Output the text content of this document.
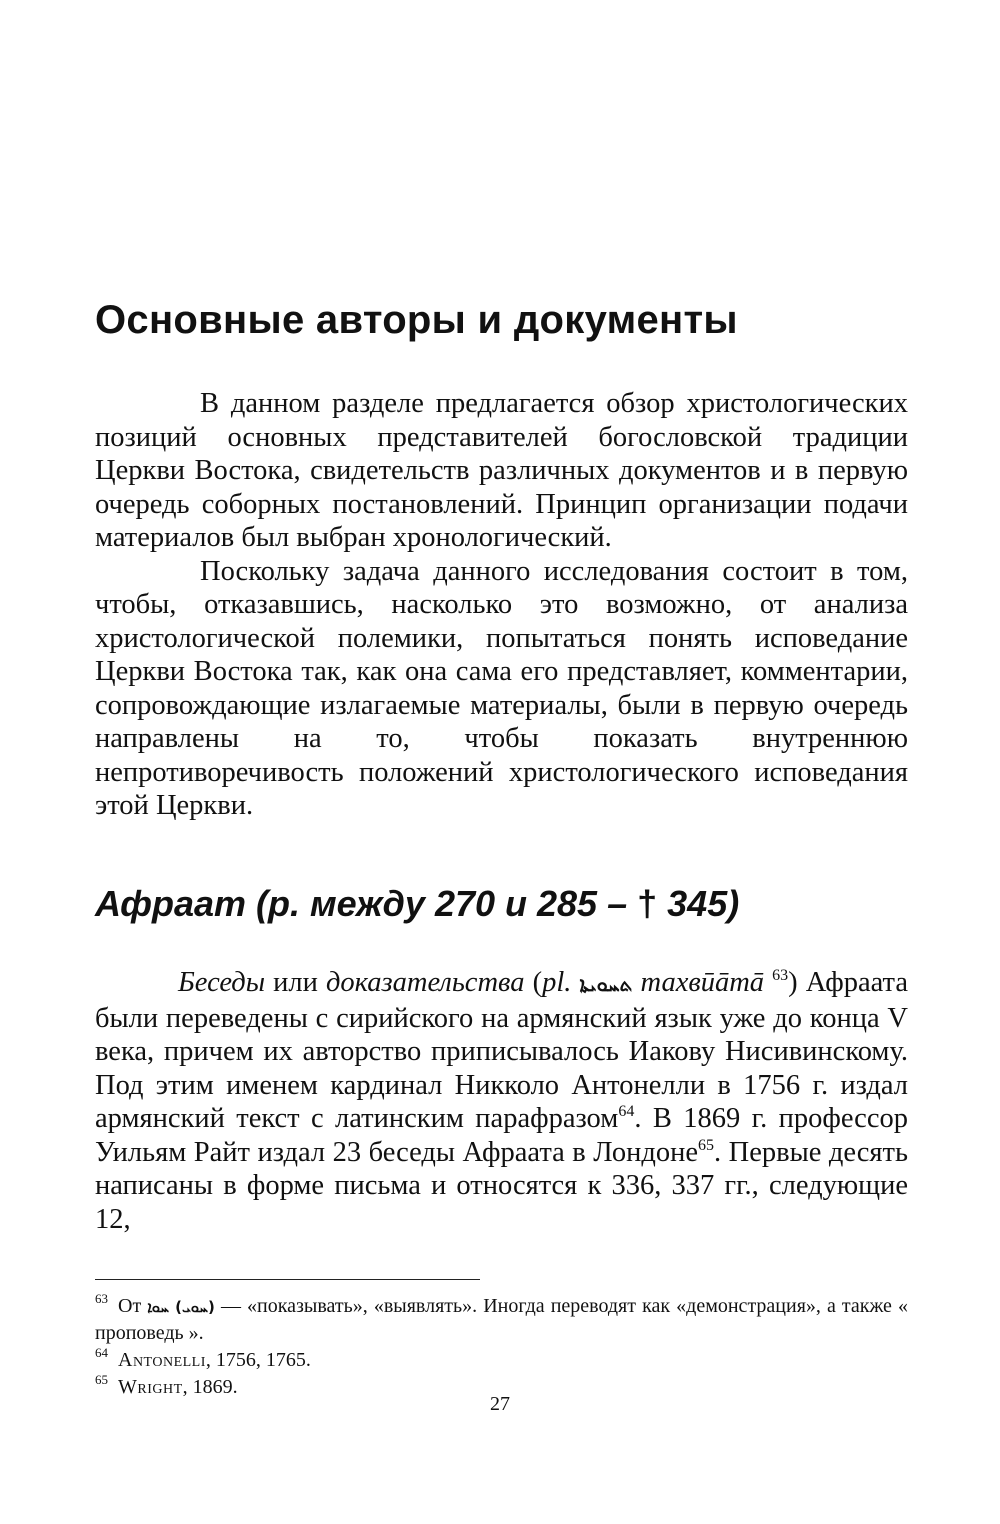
Основные авторы и документы

В данном разделе предлагается обзор христологических позиций основных представителей богословской традиции Церкви Востока, свидетельств различных документов и в первую очередь соборных постановлений. Принцип организации подачи материалов был выбран хронологический.

Поскольку задача данного исследования состоит в том, чтобы, отказавшись, насколько это возможно, от анализа христологической полемики, попытаться понять исповедание Церкви Востока так, как она сама его представляет, комментарии, сопровождающие излагаемые материалы, были в первую очередь направлены на то, чтобы показать внутреннюю непротиворечивость положений христологического исповедания этой Церкви.

Афраат (р. между 270 и 285 – † 345)

Беседы или доказательства (pl. ܬܚܘܝܬܐ тахвӣāтā $^{63}$) Афраата были переведены с сирийского на армянский язык уже до конца V века, причем их авторство приписывалось Иакову Нисивинскому. Под этим именем кардинал Никколо Антонелли в 1756 г. издал армянский текст с латинским парафразом$^{64}$. В 1869 г. профессор Уильям Райт издал 23 беседы Афраата в Лондоне$^{65}$. Первые десять написаны в форме письма и относятся к 336, 337 гг., следующие 12,

$^{63}$ От ܚܘܐ (ܚܘܝ) — «показывать», «выявлять». Иногда переводят как «демонстрация», а также « проповедь ».

$^{64}$ Antonelli, 1756, 1765.

$^{65}$ Wright, 1869.

27
